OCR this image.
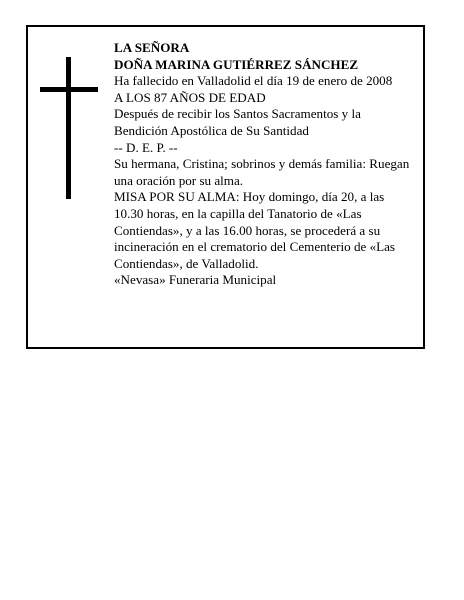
LA SEÑORA

DOÑA MARINA GUTIÉRREZ SÁNCHEZ

Ha fallecido en Valladolid el día 19 de enero de 2008

A LOS 87 AÑOS DE EDAD

Después de recibir los Santos Sacramentos y la Bendición Apostólica de Su Santidad

-- D. E. P. --

Su hermana, Cristina; sobrinos y demás familia: Ruegan una oración por su alma.

MISA POR SU ALMA: Hoy domingo, día 20, a las 10.30 horas, en la capilla del Tanatorio de «Las Contiendas», y a las 16.00 horas, se procederá a su incineración en el crematorio del Cementerio de «Las Contiendas», de Valladolid.

«Nevasa» Funeraria Municipal
